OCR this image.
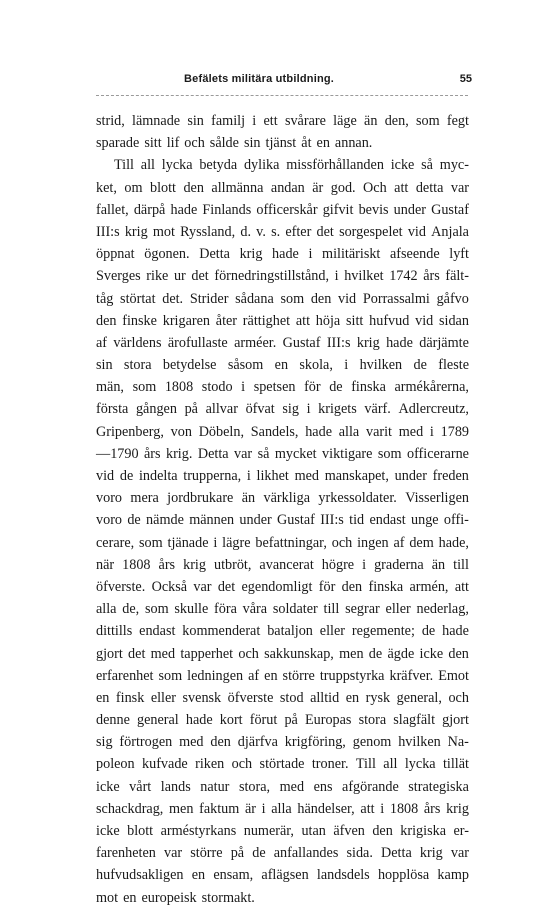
Befälets militära utbildning.	55
strid, lämnade sin familj i ett svårare läge än den, som fegt
sparade sitt lif och sålde sin tjänst åt en annan.
Till all lycka betyda dylika missförhållanden icke så myc-
ket, om blott den allmänna andan är god. Och att detta var
fallet, därpå hade Finlands officerskår gifvit bevis under Gustaf
III:s krig mot Ryssland, d. v. s. efter det sorgespelet vid Anjala
öppnat ögonen. Detta krig hade i militäriskt afseende lyft
Sverges rike ur det förnedringstillstånd, i hvilket 1742 års fält-
tåg störtat det. Strider sådana som den vid Porrassalmi gåfvo
den finske krigaren åter rättighet att höja sitt hufvud vid sidan
af världens ärofullaste arméer. Gustaf III:s krig hade därjämte
sin stora betydelse såsom en skola, i hvilken de fleste
män, som 1808 stodo i spetsen för de finska armékårerna,
första gången på allvar öfvat sig i krigets värf. Adlercreutz,
Gripenberg, von Döbeln, Sandels, hade alla varit med i 1789
—1790 års krig. Detta var så mycket viktigare som officerarne
vid de indelta trupperna, i likhet med manskapet, under freden
voro mera jordbrukare än värkliga yrkessoldater. Visserligen
voro de nämde männen under Gustaf III:s tid endast unge offi-
cerare, som tjänade i lägre befattningar, och ingen af dem hade,
när 1808 års krig utbröt, avancerat högre i graderna än till
öfverste. Också var det egendomligt för den finska armén, att
alla de, som skulle föra våra soldater till segrar eller nederlag,
dittills endast kommenderat bataljon eller regemente; de hade
gjort det med tapperhet och sakkunskap, men de ägde icke den
erfarenhet som ledningen af en större truppstyrka kräfver. Emot
en finsk eller svensk öfverste stod alltid en rysk general, och
denne general hade kort förut på Europas stora slagfält gjort
sig förtrogen med den djärfva krigföring, genom hvilken Na-
poleon kufvade riken och störtade troner. Till all lycka tillät
icke vårt lands natur stora, med ens afgörande strategiska
schackdrag, men faktum är i alla händelser, att i 1808 års krig
icke blott arméstyrkans numerär, utan äfven den krigiska er-
farenheten var större på de anfallandes sida. Detta krig var
hufvudsakligen en ensam, aflägsen landsdels hopplösa kamp
mot en europeisk stormakt.
